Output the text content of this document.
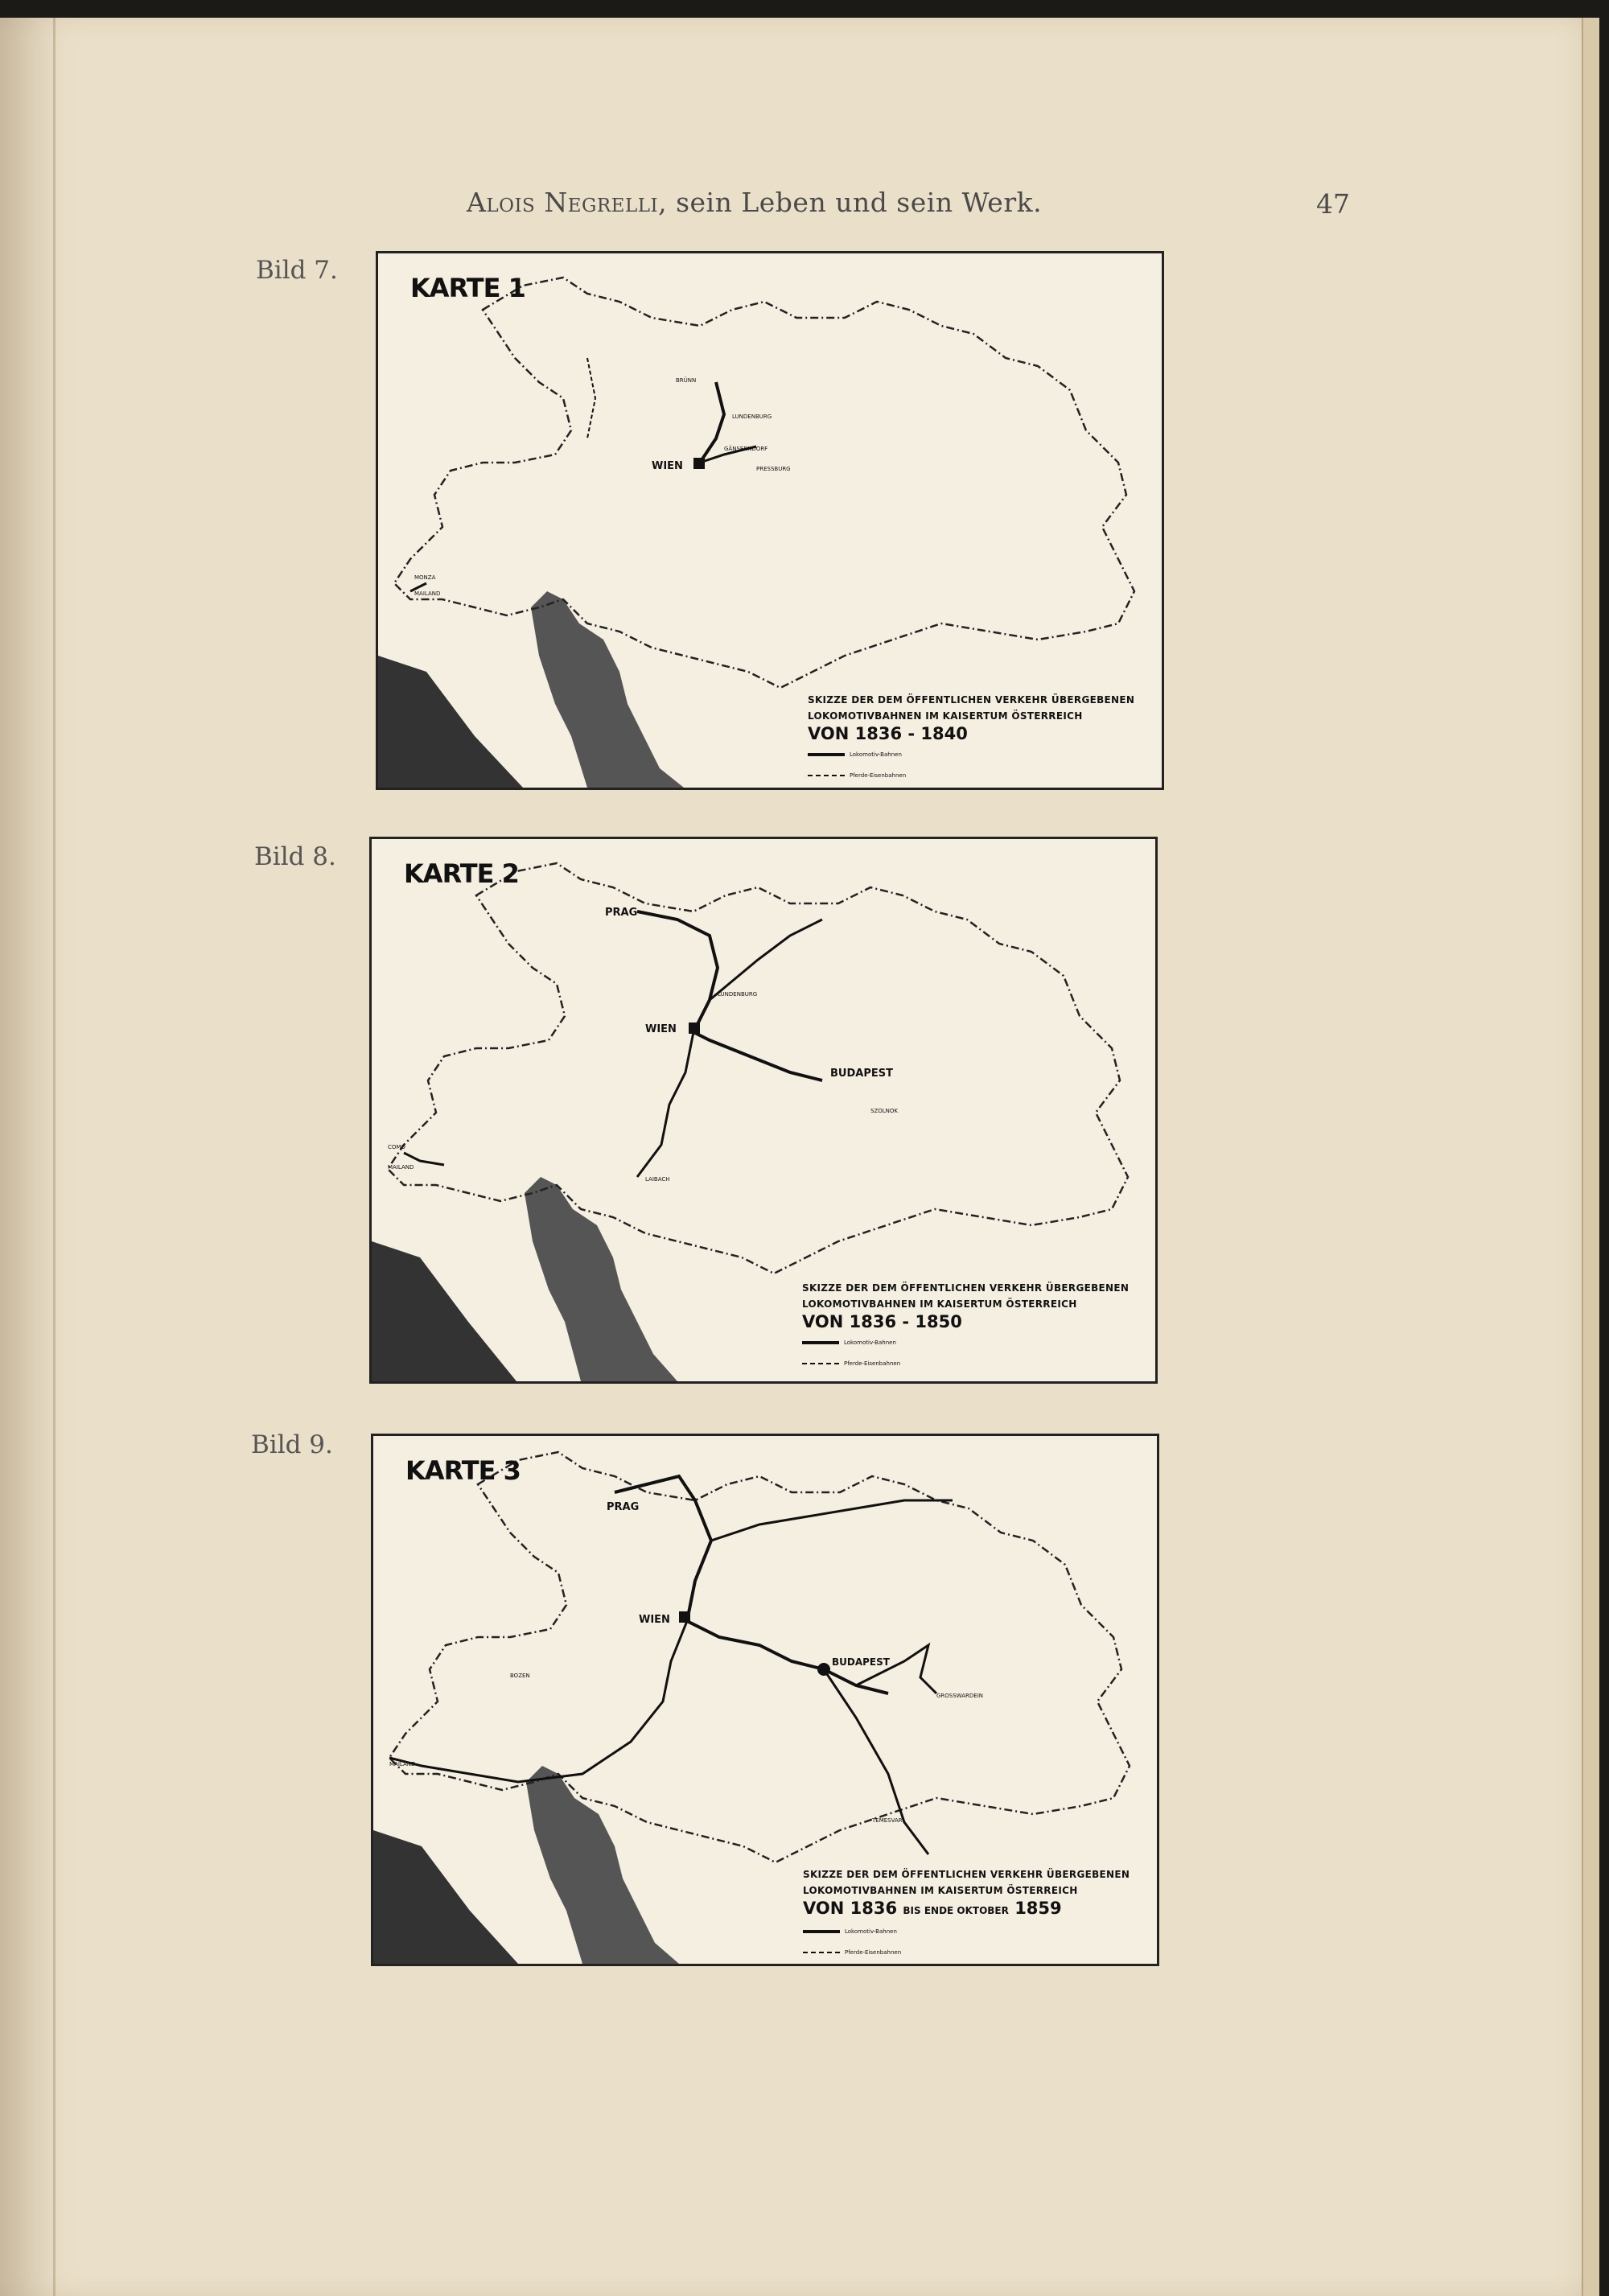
Alois Negrelli, sein Leben und sein Werk.	47
Bild 7.
WIEN
LUNDENBURG
BRÜNN
GÄNSERNDORF
PRESSBURG
MONZA
MAILAND
KARTE 1
SKIZZE DER DEM ÖFFENTLICHEN VERKEHR ÜBERGEBENEN
LOKOMOTIVBAHNEN IM KAISERTUM ÖSTERREICH
VON 1836 - 1840
Lokomotiv-Bahnen
Pferde-Eisenbahnen
Bild 8.
WIEN
PRAG
BUDAPEST
SZOLNOK
LUNDENBURG
LAIBACH
COMO
MAILAND
KARTE 2
SKIZZE DER DEM ÖFFENTLICHEN VERKEHR ÜBERGEBENEN
LOKOMOTIVBAHNEN IM KAISERTUM ÖSTERREICH
VON 1836 - 1850
Lokomotiv-Bahnen
Pferde-Eisenbahnen
Bild 9.
WIEN
PRAG
BUDAPEST
BOZEN
MAILAND
TEMESVAR
GROSSWARDEIN
KARTE 3
SKIZZE DER DEM ÖFFENTLICHEN VERKEHR ÜBERGEBENEN
LOKOMOTIVBAHNEN IM KAISERTUM ÖSTERREICH
VON 1836 BIS ENDE OKTOBER 1859
Lokomotiv-Bahnen
Pferde-Eisenbahnen
